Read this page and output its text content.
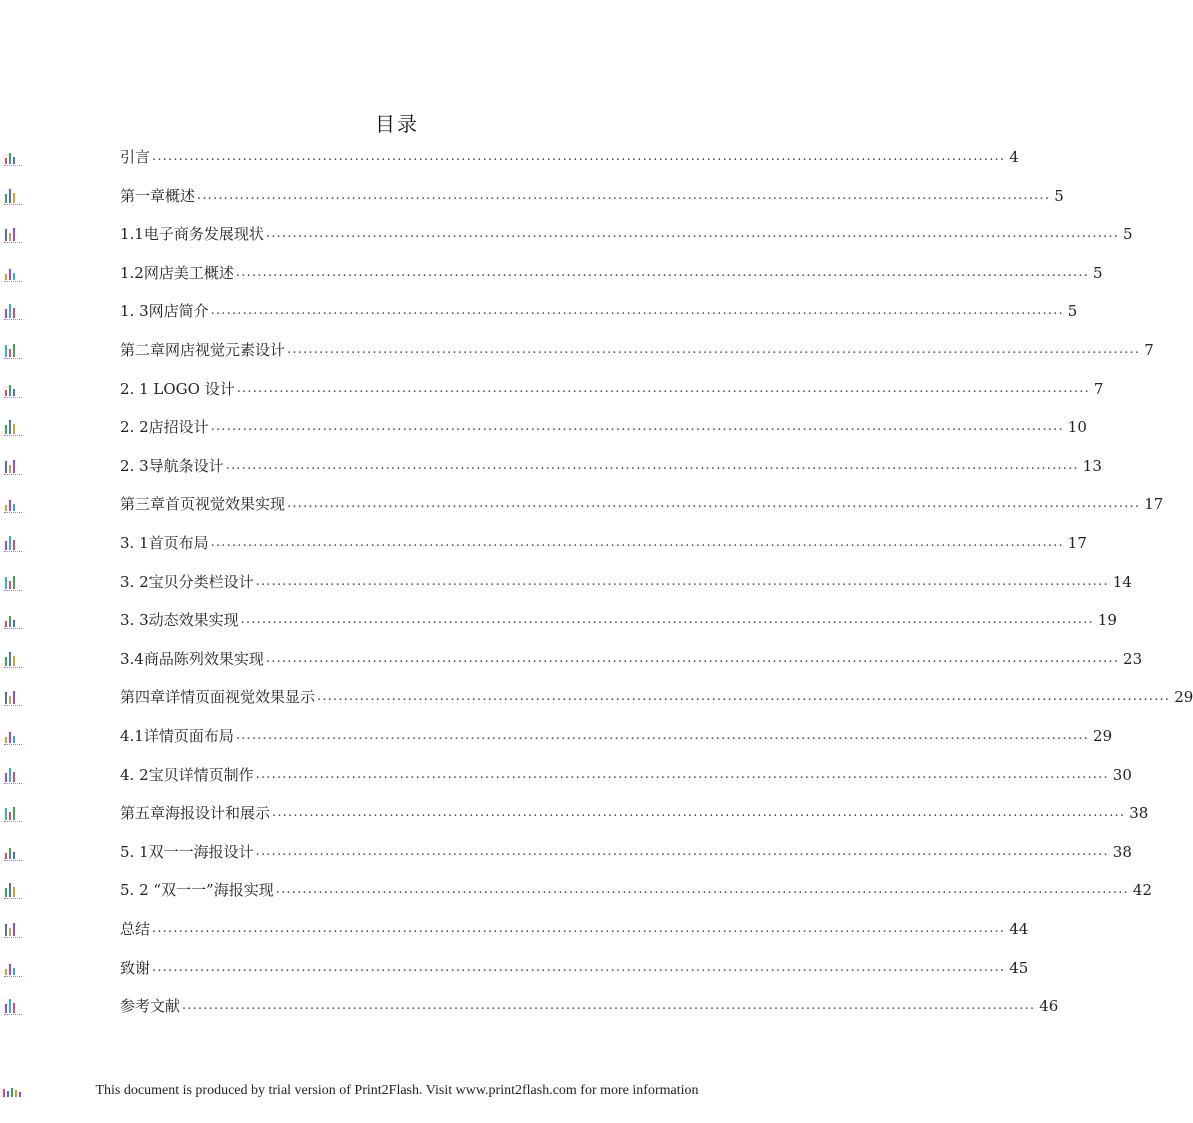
目录
引言 ................................................................................................................................................................ 4
第一章概述 ................................................................................................................................................................ 5
1.1电子商务发展现状 ................................................................................................................................................................ 5
1.2网店美工概述 ................................................................................................................................................................ 5
1. 3网店简介 ................................................................................................................................................................ 5
第二章网店视觉元素设计 ................................................................................................................................................................ 7
2. 1 LOGO 设计 ................................................................................................................................................................ 7
2. 2店招设计 ................................................................................................................................................................ 10
2. 3导航条设计 ................................................................................................................................................................ 13
第三章首页视觉效果实现 ................................................................................................................................................................ 17
3. 1首页布局 ................................................................................................................................................................ 17
3. 2宝贝分类栏设计 ................................................................................................................................................................ 14
3. 3动态效果实现 ................................................................................................................................................................ 19
3.4商品陈列效果实现 ................................................................................................................................................................ 23
第四章详情页面视觉效果显示 ................................................................................................................................................................ 29
4.1详情页面布局 ................................................................................................................................................................ 29
4. 2宝贝详情页制作 ................................................................................................................................................................ 30
第五章海报设计和展示 ................................................................................................................................................................ 38
5. 1双一一海报设计 ................................................................................................................................................................ 38
5. 2 “双一一”海报实现 ................................................................................................................................................................ 42
总结 ................................................................................................................................................................ 44
致谢 ................................................................................................................................................................ 45
参考文献 ................................................................................................................................................................ 46
This document is produced by trial version of Print2Flash. Visit www.print2flash.com for more information
